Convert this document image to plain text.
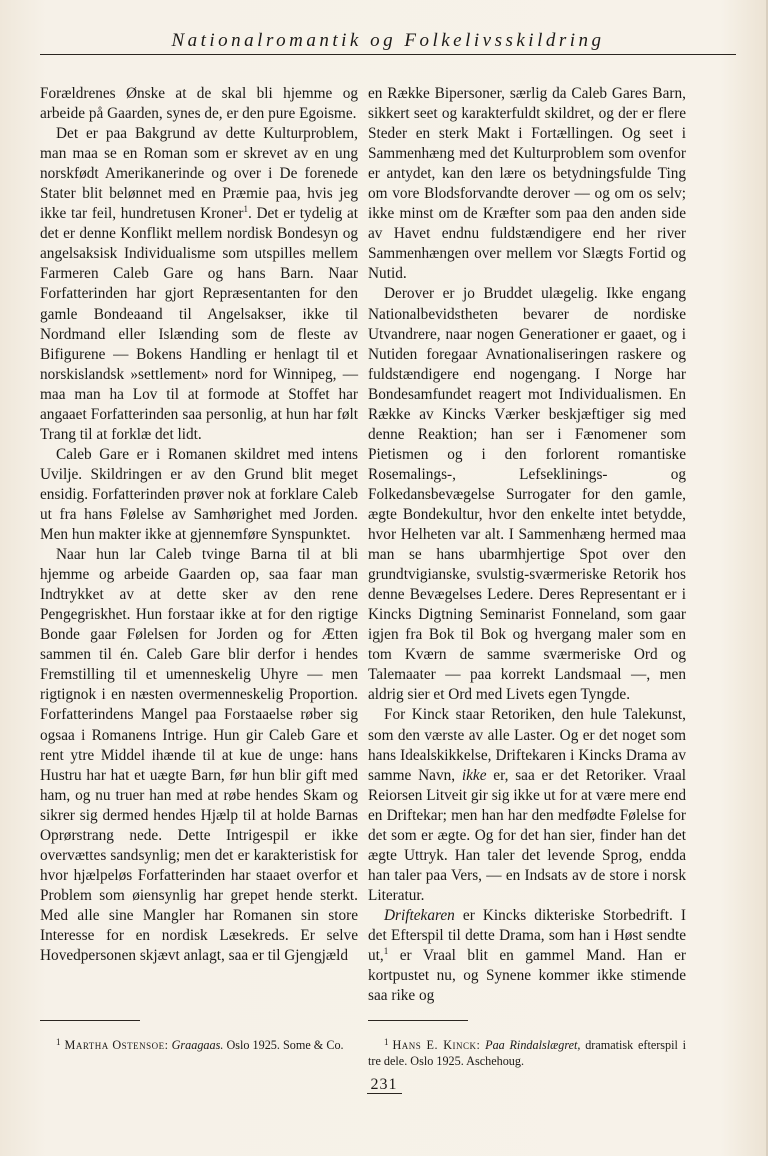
Nationalromantik og Folkelivsskildring

Forældrenes Ønske at de skal bli hjemme og arbeide på Gaarden, synes de, er den pure Egoisme.

Det er paa Bakgrund av dette Kulturproblem, man maa se en Roman som er skrevet av en ung norskfødt Amerikanerinde og over i De forenede Stater blit belønnet med en Præmie paa, hvis jeg ikke tar feil, hundretusen Kroner$^1$. Det er tydelig at det er denne Konflikt mellem nordisk Bondesyn og angelsaksisk Individualisme som utspilles mellem Farmeren Caleb Gare og hans Barn. Naar Forfatterinden har gjort Repræsentanten for den gamle Bondeaand til Angelsakser, ikke til Nordmand eller Islænding som de fleste av Bifigurene — Bokens Handling er henlagt til et norskislandsk »settlement» nord for Winnipeg, — maa man ha Lov til at formode at Stoffet har angaaet Forfatterinden saa personlig, at hun har følt Trang til at forklæ det lidt.

Caleb Gare er i Romanen skildret med intens Uvilje. Skildringen er av den Grund blit meget ensidig. Forfatterinden prøver nok at forklare Caleb ut fra hans Følelse av Samhørighet med Jorden. Men hun makter ikke at gjennemføre Synspunktet.

Naar hun lar Caleb tvinge Barna til at bli hjemme og arbeide Gaarden op, saa faar man Indtrykket av at dette sker av den rene Pengegriskhet. Hun forstaar ikke at for den rigtige Bonde gaar Følelsen for Jorden og for Ætten sammen til én. Caleb Gare blir derfor i hendes Fremstilling til et umenneskelig Uhyre — men rigtignok i en næsten overmenneskelig Proportion. Forfatterindens Mangel paa Forstaaelse røber sig ogsaa i Romanens Intrige. Hun gir Caleb Gare et rent ytre Middel ihænde til at kue de unge: hans Hustru har hat et uægte Barn, før hun blir gift med ham, og nu truer han med at røbe hendes Skam og sikrer sig dermed hendes Hjælp til at holde Barnas Oprørstrang nede. Dette Intrigespil er ikke overvættes sandsynlig; men det er karakteristisk for hvor hjælpeløs Forfatterinden har staaet overfor et Problem som øiensynlig har grepet hende sterkt. Med alle sine Mangler har Romanen sin store Interesse for en nordisk Læsekreds. Er selve Hovedpersonen skjævt anlagt, saa er til Gjengjæld

en Række Bipersoner, særlig da Caleb Gares Barn, sikkert seet og karakterfuldt skildret, og der er flere Steder en sterk Makt i Fortællingen. Og seet i Sammenhæng med det Kulturproblem som ovenfor er antydet, kan den lære os betydningsfulde Ting om vore Blodsforvandte derover — og om os selv; ikke minst om de Kræfter som paa den anden side av Havet endnu fuldstændigere end her river Sammenhængen over mellem vor Slægts Fortid og Nutid.

Derover er jo Bruddet ulægelig. Ikke engang Nationalbevidstheten bevarer de nordiske Utvandrere, naar nogen Generationer er gaaet, og i Nutiden foregaar Avnationaliseringen raskere og fuldstændigere end nogengang. I Norge har Bondesamfundet reagert mot Individualismen. En Række av Kincks Værker beskjæftiger sig med denne Reaktion; han ser i Fænomener som Pietismen og i den forlorent romantiske Rosemalings-, Lefseklinings- og Folkedansbevægelse Surrogater for den gamle, ægte Bondekultur, hvor den enkelte intet betydde, hvor Helheten var alt. I Sammenhæng hermed maa man se hans ubarmhjertige Spot over den grundtvigianske, svulstig-sværmeriske Retorik hos denne Bevægelses Ledere. Deres Representant er i Kincks Digtning Seminarist Fonneland, som gaar igjen fra Bok til Bok og hvergang maler som en tom Kværn de samme sværmeriske Ord og Talemaater — paa korrekt Landsmaal —, men aldrig sier et Ord med Livets egen Tyngde.

For Kinck staar Retoriken, den hule Talekunst, som den værste av alle Laster. Og er det noget som hans Idealskikkelse, Driftekaren i Kincks Drama av samme Navn, ikke er, saa er det Retoriker. Vraal Reiorsen Litveit gir sig ikke ut for at være mere end en Driftekar; men han har den medfødte Følelse for det som er ægte. Og for det han sier, finder han det ægte Uttryk. Han taler det levende Sprog, endda han taler paa Vers, — en Indsats av de store i norsk Literatur.

Driftekaren er Kincks dikteriske Storbedrift. I det Efterspil til dette Drama, som han i Høst sendte ut,$^1$ er Vraal blit en gammel Mand. Han er kortpustet nu, og Synene kommer ikke stimende saa rike og

$^1$ Martha Ostensoe: Graagaas. Oslo 1925. Some & Co.	$^1$ Hans E. Kinck: Paa Rindalslægret, dramatisk efterspil i tre dele. Oslo 1925. Aschehoug.
231
